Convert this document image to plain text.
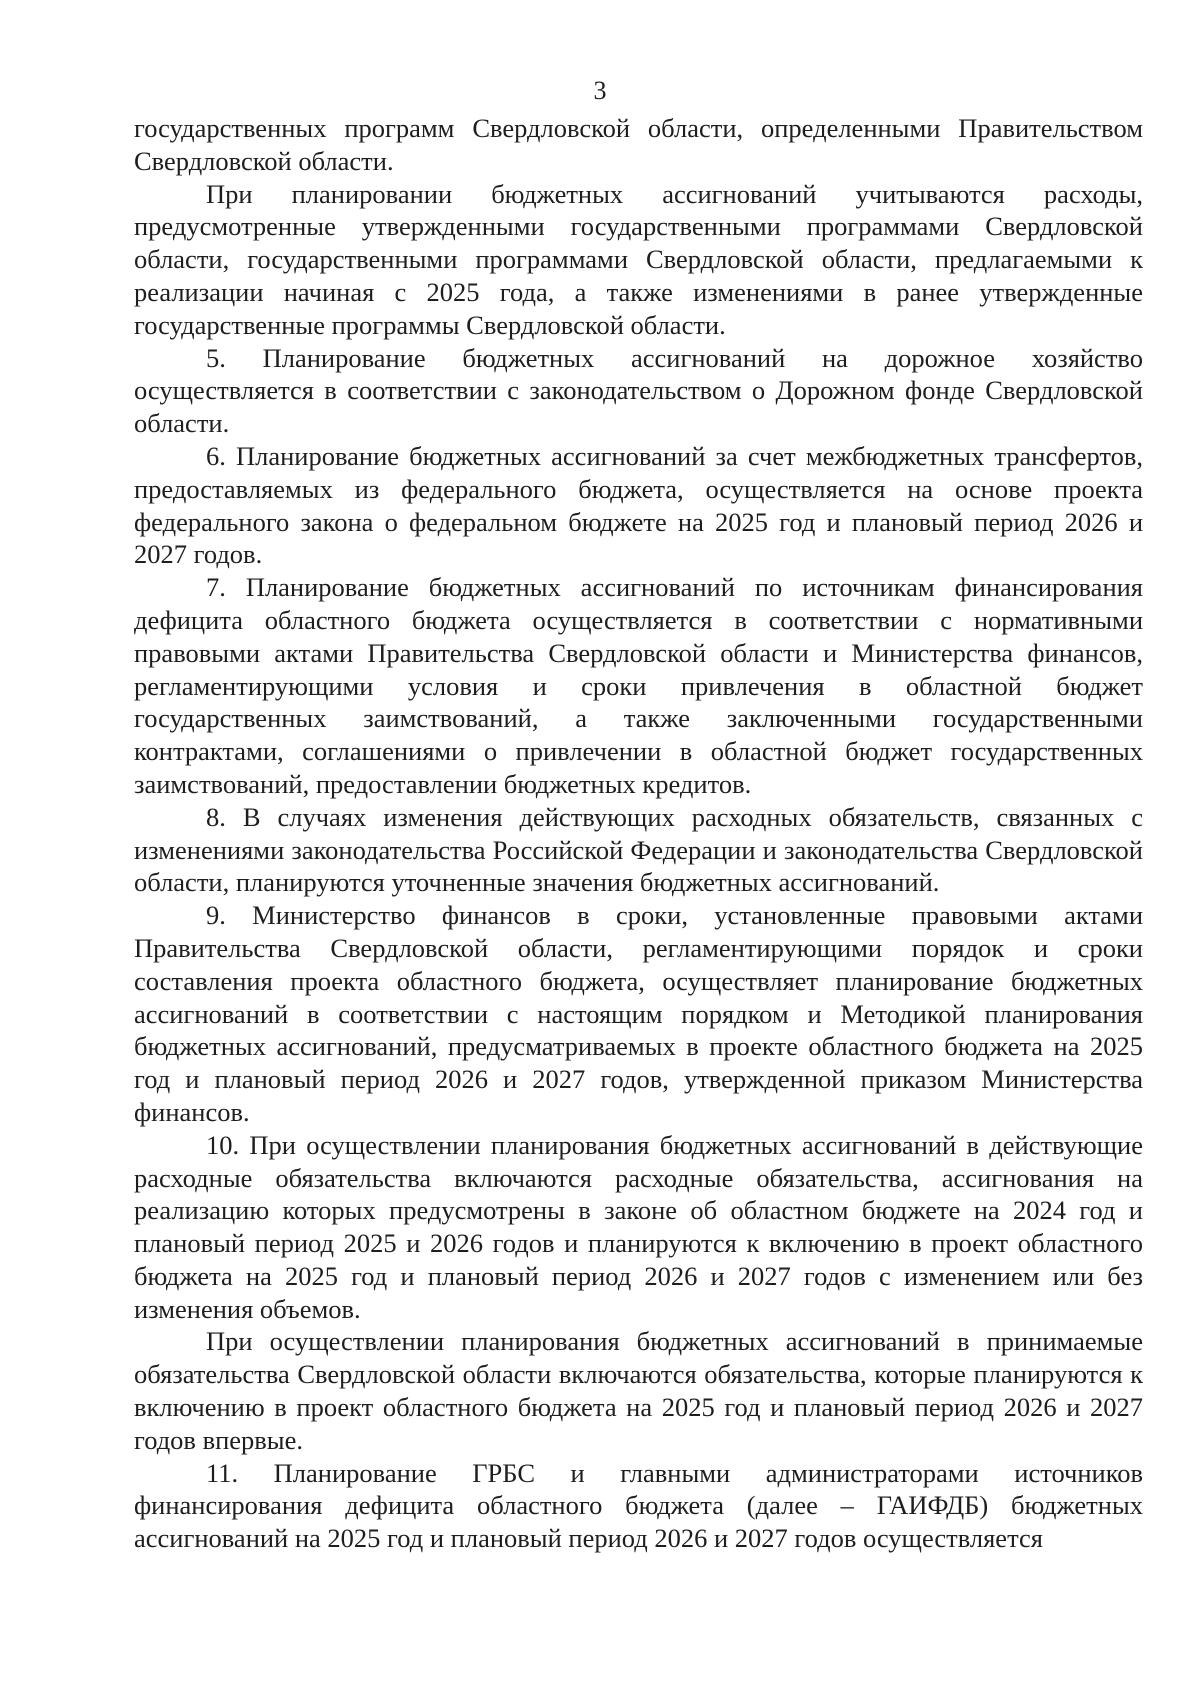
3

государственных программ Свердловской области, определенными Правительством Свердловской области.

При планировании бюджетных ассигнований учитываются расходы, предусмотренные утвержденными государственными программами Свердловской области, государственными программами Свердловской области, предлагаемыми к реализации начиная с 2025 года, а также изменениями в ранее утвержденные государственные программы Свердловской области.

5. Планирование бюджетных ассигнований на дорожное хозяйство осуществляется в соответствии с законодательством о Дорожном фонде Свердловской области.

6. Планирование бюджетных ассигнований за счет межбюджетных трансфертов, предоставляемых из федерального бюджета, осуществляется на основе проекта федерального закона о федеральном бюджете на 2025 год и плановый период 2026 и 2027 годов.

7. Планирование бюджетных ассигнований по источникам финансирования дефицита областного бюджета осуществляется в соответствии с нормативными правовыми актами Правительства Свердловской области и Министерства финансов, регламентирующими условия и сроки привлечения в областной бюджет государственных заимствований, а также заключенными государственными контрактами, соглашениями о привлечении в областной бюджет государственных заимствований, предоставлении бюджетных кредитов.

8. В случаях изменения действующих расходных обязательств, связанных с изменениями законодательства Российской Федерации и законодательства Свердловской области, планируются уточненные значения бюджетных ассигнований.

9. Министерство финансов в сроки, установленные правовыми актами Правительства Свердловской области, регламентирующими порядок и сроки составления проекта областного бюджета, осуществляет планирование бюджетных ассигнований в соответствии с настоящим порядком и Методикой планирования бюджетных ассигнований, предусматриваемых в проекте областного бюджета на 2025 год и плановый период 2026 и 2027 годов, утвержденной приказом Министерства финансов.

10. При осуществлении планирования бюджетных ассигнований в действующие расходные обязательства включаются расходные обязательства, ассигнования на реализацию которых предусмотрены в законе об областном бюджете на 2024 год и плановый период 2025 и 2026 годов и планируются к включению в проект областного бюджета на 2025 год и плановый период 2026 и 2027 годов с изменением или без изменения объемов.

При осуществлении планирования бюджетных ассигнований в принимаемые обязательства Свердловской области включаются обязательства, которые планируются к включению в проект областного бюджета на 2025 год и плановый период 2026 и 2027 годов впервые.

11. Планирование ГРБС и главными администраторами источников финансирования дефицита областного бюджета (далее – ГАИФДБ) бюджетных ассигнований на 2025 год и плановый период 2026 и 2027 годов осуществляется
